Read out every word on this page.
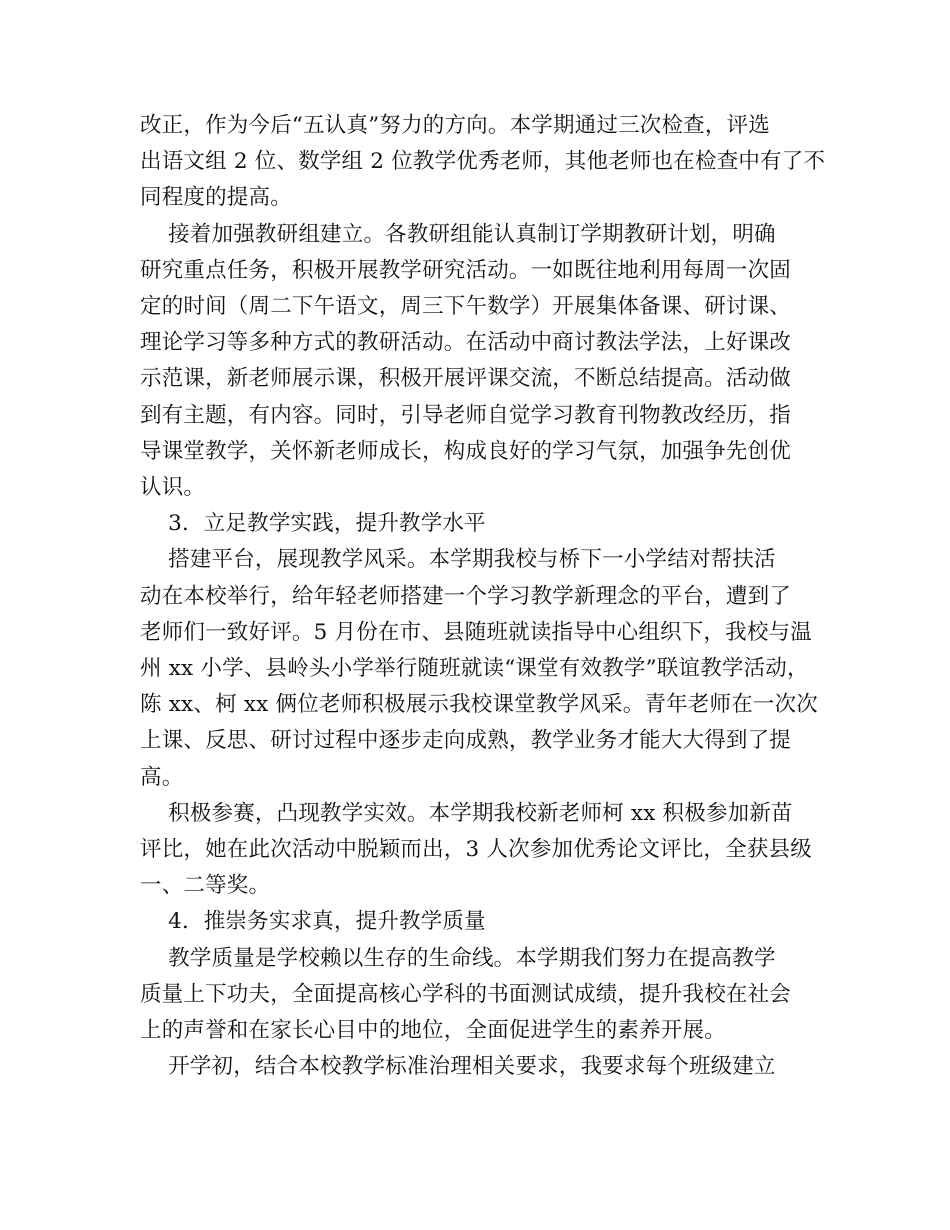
改正，作为今后“五认真”努力的方向。本学期通过三次检查，评选
出语文组 2 位、数学组 2 位教学优秀老师，其他老师也在检查中有了不
同程度的提高。
接着加强教研组建立。各教研组能认真制订学期教研计划，明确
研究重点任务，积极开展教学研究活动。一如既往地利用每周一次固
定的时间（周二下午语文，周三下午数学）开展集体备课、研讨课、
理论学习等多种方式的教研活动。在活动中商讨教法学法，上好课改
示范课，新老师展示课，积极开展评课交流，不断总结提高。活动做
到有主题，有内容。同时，引导老师自觉学习教育刊物教改经历，指
导课堂教学，关怀新老师成长，构成良好的学习气氛，加强争先创优
认识。
3．立足教学实践，提升教学水平
搭建平台，展现教学风采。本学期我校与桥下一小学结对帮扶活
动在本校举行，给年轻老师搭建一个学习教学新理念的平台，遭到了
老师们一致好评。5 月份在市、县随班就读指导中心组织下，我校与温
州 xx 小学、县岭头小学举行随班就读“课堂有效教学”联谊教学活动，
陈 xx、柯 xx 俩位老师积极展示我校课堂教学风采。青年老师在一次次
上课、反思、研讨过程中逐步走向成熟，教学业务才能大大得到了提
高。
积极参赛，凸现教学实效。本学期我校新老师柯 xx 积极参加新苗
评比，她在此次活动中脱颖而出，3 人次参加优秀论文评比，全获县级
一、二等奖。
4．推崇务实求真，提升教学质量
教学质量是学校赖以生存的生命线。本学期我们努力在提高教学
质量上下功夫，全面提高核心学科的书面测试成绩，提升我校在社会
上的声誉和在家长心目中的地位，全面促进学生的素养开展。
开学初，结合本校教学标准治理相关要求，我要求每个班级建立
